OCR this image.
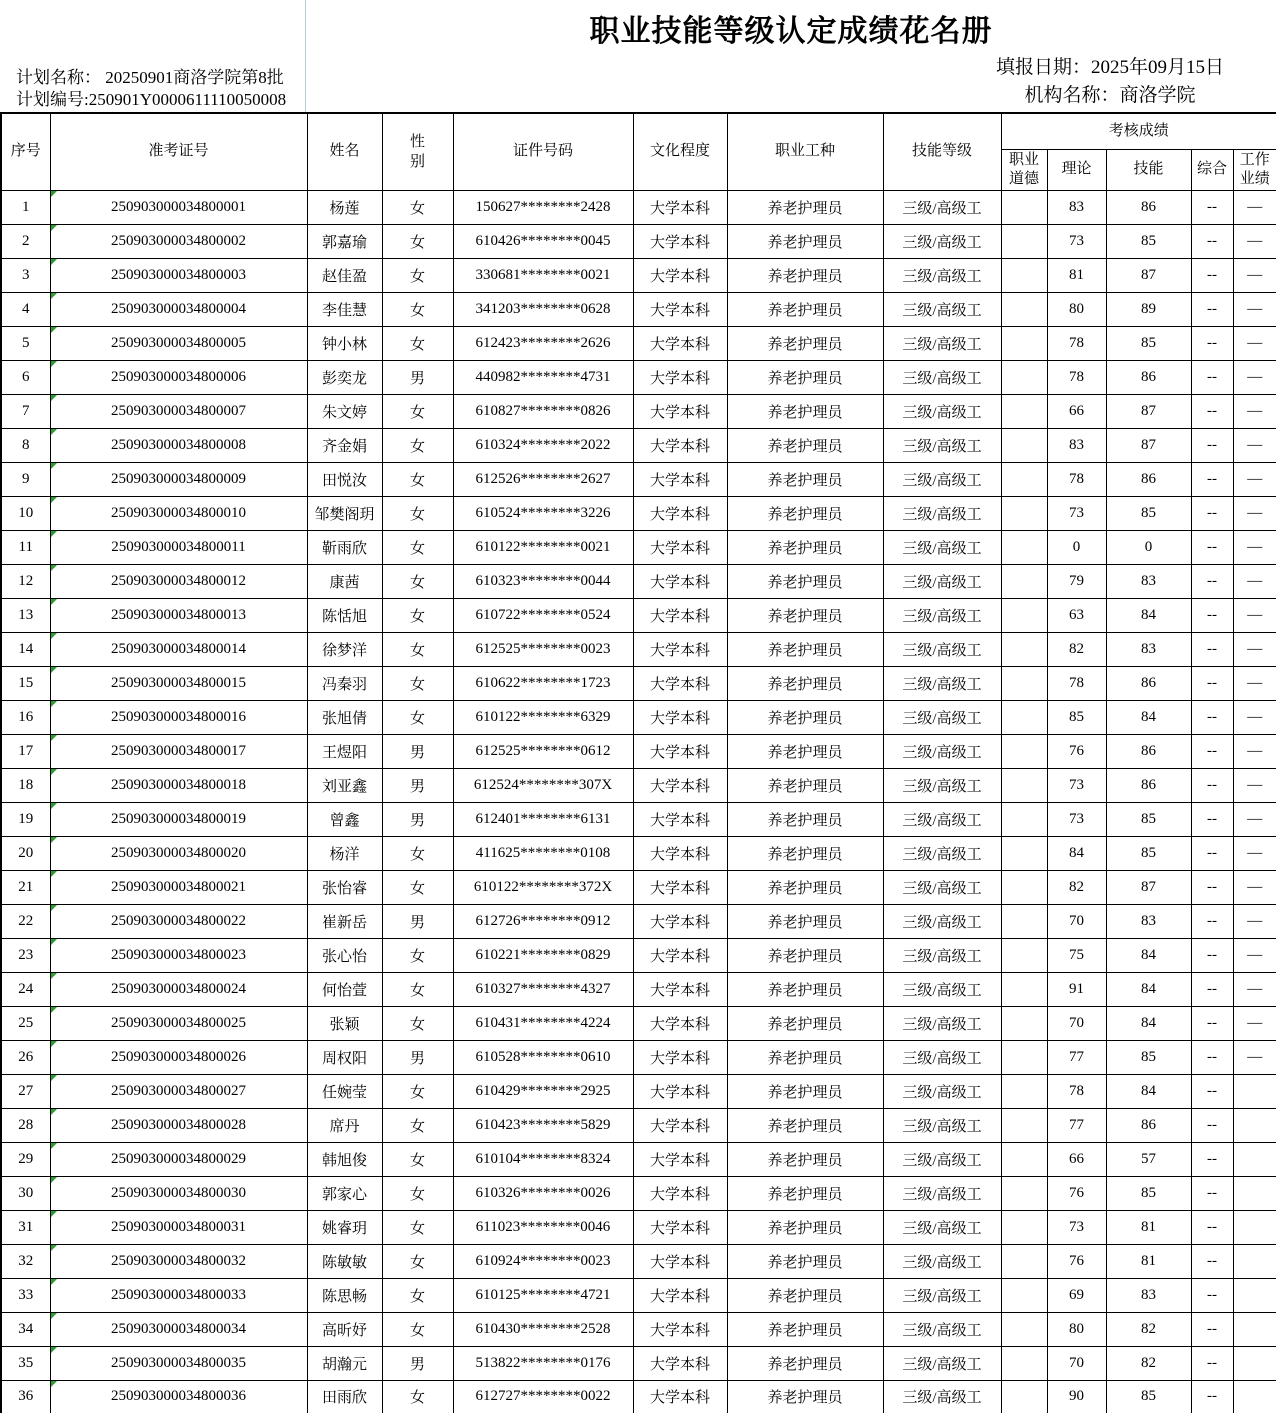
计划名称： 20250901商洛学院第8批
计划编号:250901Y0000611110050008
职业技能等级认定成绩花名册
填报日期：2025年09月15日
机构名称：商洛学院
序号	准考证号	姓名	性别	证件号码	文化程度	职业工种	技能等级	考核成绩				
								职业道德	理论	技能	综合	工作业绩
1	250903000034800001	杨莲	女	150627********2428	大学本科	养老护理员	三级/高级工		83	86	--	—
2	250903000034800002	郭嘉瑜	女	610426********0045	大学本科	养老护理员	三级/高级工		73	85	--	—
3	250903000034800003	赵佳盈	女	330681********0021	大学本科	养老护理员	三级/高级工		81	87	--	—
4	250903000034800004	李佳慧	女	341203********0628	大学本科	养老护理员	三级/高级工		80	89	--	—
5	250903000034800005	钟小林	女	612423********2626	大学本科	养老护理员	三级/高级工		78	85	--	—
6	250903000034800006	彭奕龙	男	440982********4731	大学本科	养老护理员	三级/高级工		78	86	--	—
7	250903000034800007	朱文婷	女	610827********0826	大学本科	养老护理员	三级/高级工		66	87	--	—
8	250903000034800008	齐金娟	女	610324********2022	大学本科	养老护理员	三级/高级工		83	87	--	—
9	250903000034800009	田悦汝	女	612526********2627	大学本科	养老护理员	三级/高级工		78	86	--	—
10	250903000034800010	邹樊阁玥	女	610524********3226	大学本科	养老护理员	三级/高级工		73	85	--	—
11	250903000034800011	靳雨欣	女	610122********0021	大学本科	养老护理员	三级/高级工		0	0	--	—
12	250903000034800012	康茜	女	610323********0044	大学本科	养老护理员	三级/高级工		79	83	--	—
13	250903000034800013	陈恬旭	女	610722********0524	大学本科	养老护理员	三级/高级工		63	84	--	—
14	250903000034800014	徐梦洋	女	612525********0023	大学本科	养老护理员	三级/高级工		82	83	--	—
15	250903000034800015	冯秦羽	女	610622********1723	大学本科	养老护理员	三级/高级工		78	86	--	—
16	250903000034800016	张旭倩	女	610122********6329	大学本科	养老护理员	三级/高级工		85	84	--	—
17	250903000034800017	王煜阳	男	612525********0612	大学本科	养老护理员	三级/高级工		76	86	--	—
18	250903000034800018	刘亚鑫	男	612524********307X	大学本科	养老护理员	三级/高级工		73	86	--	—
19	250903000034800019	曾鑫	男	612401********6131	大学本科	养老护理员	三级/高级工		73	85	--	—
20	250903000034800020	杨洋	女	411625********0108	大学本科	养老护理员	三级/高级工		84	85	--	—
21	250903000034800021	张怡睿	女	610122********372X	大学本科	养老护理员	三级/高级工		82	87	--	—
22	250903000034800022	崔新岳	男	612726********0912	大学本科	养老护理员	三级/高级工		70	83	--	—
23	250903000034800023	张心怡	女	610221********0829	大学本科	养老护理员	三级/高级工		75	84	--	—
24	250903000034800024	何怡萱	女	610327********4327	大学本科	养老护理员	三级/高级工		91	84	--	—
25	250903000034800025	张颖	女	610431********4224	大学本科	养老护理员	三级/高级工		70	84	--	—
26	250903000034800026	周权阳	男	610528********0610	大学本科	养老护理员	三级/高级工		77	85	--	—
27	250903000034800027	任婉莹	女	610429********2925	大学本科	养老护理员	三级/高级工		78	84	--	
28	250903000034800028	席丹	女	610423********5829	大学本科	养老护理员	三级/高级工		77	86	--	
29	250903000034800029	韩旭俊	女	610104********8324	大学本科	养老护理员	三级/高级工		66	57	--	
30	250903000034800030	郭家心	女	610326********0026	大学本科	养老护理员	三级/高级工		76	85	--	
31	250903000034800031	姚睿玥	女	611023********0046	大学本科	养老护理员	三级/高级工		73	81	--	
32	250903000034800032	陈敏敏	女	610924********0023	大学本科	养老护理员	三级/高级工		76	81	--	
33	250903000034800033	陈思畅	女	610125********4721	大学本科	养老护理员	三级/高级工		69	83	--	
34	250903000034800034	高昕妤	女	610430********2528	大学本科	养老护理员	三级/高级工		80	82	--	
35	250903000034800035	胡瀚元	男	513822********0176	大学本科	养老护理员	三级/高级工		70	82	--	
36	250903000034800036	田雨欣	女	612727********0022	大学本科	养老护理员	三级/高级工		90	85	--	
